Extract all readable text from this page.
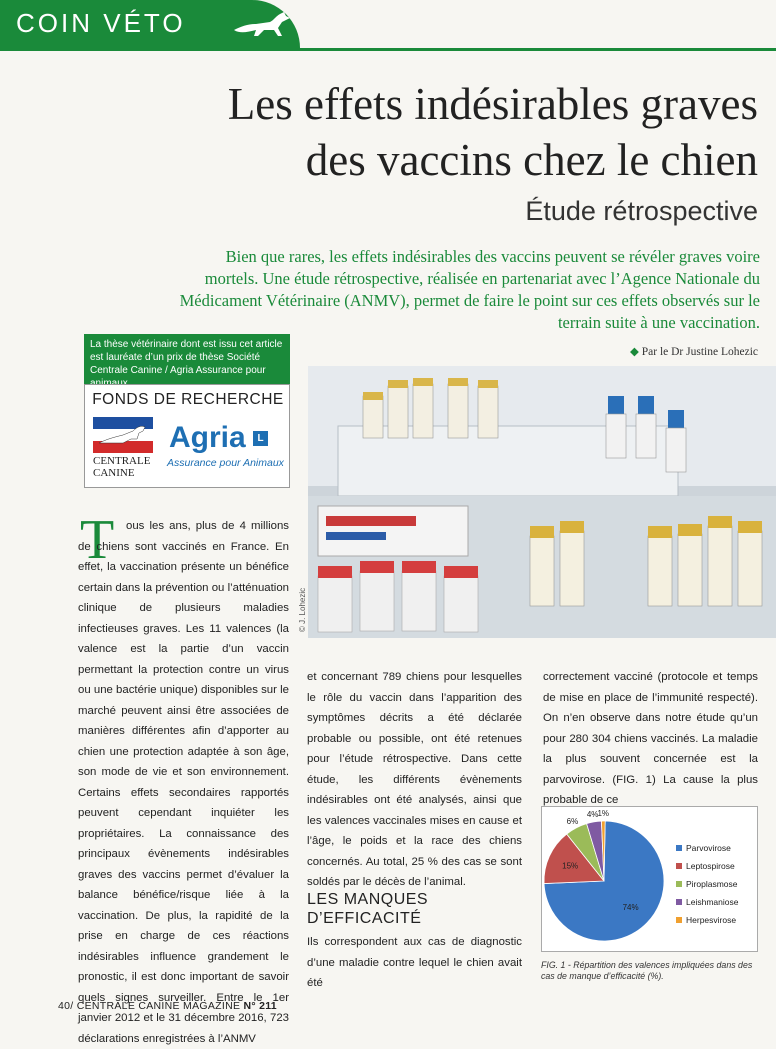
COIN VÉTO
Les effets indésirables graves
des vaccins chez le chien
Étude rétrospective
Bien que rares, les effets indésirables des vaccins peuvent se révéler graves voire mortels. Une étude rétrospective, réalisée en partenariat avec l’Agence Nationale du Médicament Vétérinaire (ANMV), permet de faire le point sur ces effets observés sur le terrain suite à une vaccination.
◆ Par le Dr Justine Lohezic
La thèse vétérinaire dont est issu cet article est lauréate d’un prix de thèse Société Centrale Canine / Agria Assurance pour
FONDS DE RECHERCHE
CENTRALE
CANINE
Agria	L
Assurance pour Animaux
© J. Lohezic
T	ous les ans, plus de 4 millions de chiens sont vaccinés en France. En effet, la vaccination présente un bénéfice certain dans la prévention ou l’atténuation clinique de plusieurs maladies infectieuses graves. Les 11 valences (la valence est la partie d’un vaccin permettant la protection contre un virus ou une bactérie unique) disponibles sur le marché peuvent ainsi être associées de manières différentes afin d’apporter au chien une protection adaptée à son âge, son mode de vie et son environnement. Certains effets secondaires rapportés peuvent cependant inquiéter les propriétaires. La connaissance des principaux évènements indésirables graves des vaccins permet d’évaluer la balance bénéfice/risque liée à la vaccination. De plus, la rapidité de la prise en charge de ces réactions indésirables influence grandement le pronostic, il est donc important de savoir quels signes surveiller. Entre le 1er janvier 2012 et le 31 décembre 2016, 723 déclarations enregistrées à l’ANMV
et concernant 789 chiens pour lesquelles le rôle du vaccin dans l’apparition des symptômes décrits a été déclarée probable ou possible, ont été retenues pour l’étude rétrospective. Dans cette étude, les différents évènements indésirables ont été analysés, ainsi que les valences vaccinales mises en cause et l’âge, le poids et la race des chiens concernés. Au total, 25 % des cas se sont soldés par le décès de l’animal.
LES MANQUES D’EFFICACITÉ
Ils correspondent aux cas de diagnostic d’une maladie contre lequel le chien avait été
correctement vacciné (protocole et temps de mise en place de l’immunité respecté). On n’en observe dans notre étude qu’un pour 280 304 chiens vaccinés. La maladie la plus souvent concernée est la parvovirose. (FIG. 1) La cause la plus probable de ce
74%
15%
6%
4% 1%
Parvovirose
Leptospirose
Piroplasmose
Leishmaniose
Herpesvirose
FIG. 1 - Répartition des valences impliquées dans des cas de manque d’efficacité (%).
40/ CENTRALE CANINE MAGAZINE N° 211
